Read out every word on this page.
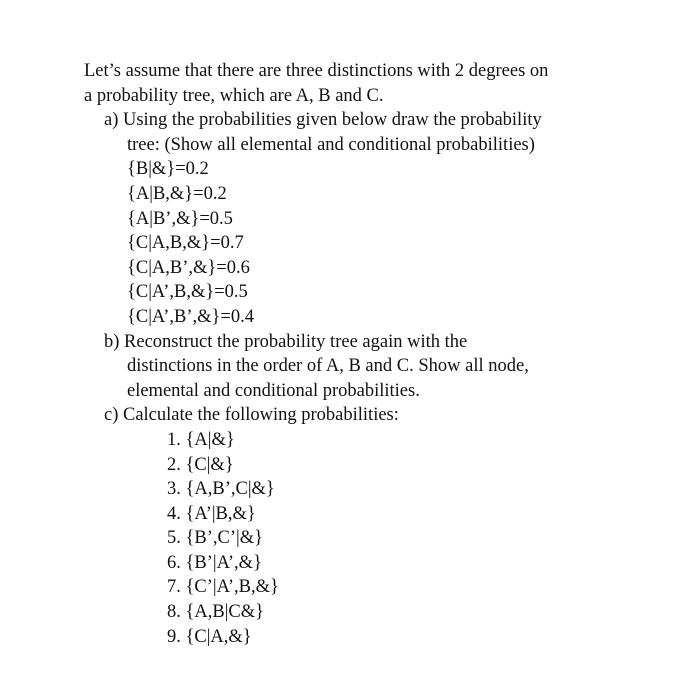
Let’s assume that there are three distinctions with 2 degrees on
a probability tree, which are A, B and C.
a) Using the probabilities given below draw the probability
tree: (Show all elemental and conditional probabilities)
{B|&}=0.2
{A|B,&}=0.2
{A|B’,&}=0.5
{C|A,B,&}=0.7
{C|A,B’,&}=0.6
{C|A’,B,&}=0.5
{C|A’,B’,&}=0.4
b) Reconstruct the probability tree again with the
distinctions in the order of A, B and C. Show all node,
elemental and conditional probabilities.
c) Calculate the following probabilities:
1. {A|&}
2. {C|&}
3. {A,B’,C|&}
4. {A’|B,&}
5. {B’,C’|&}
6. {B’|A’,&}
7. {C’|A’,B,&}
8. {A,B|C&}
9. {C|A,&}
